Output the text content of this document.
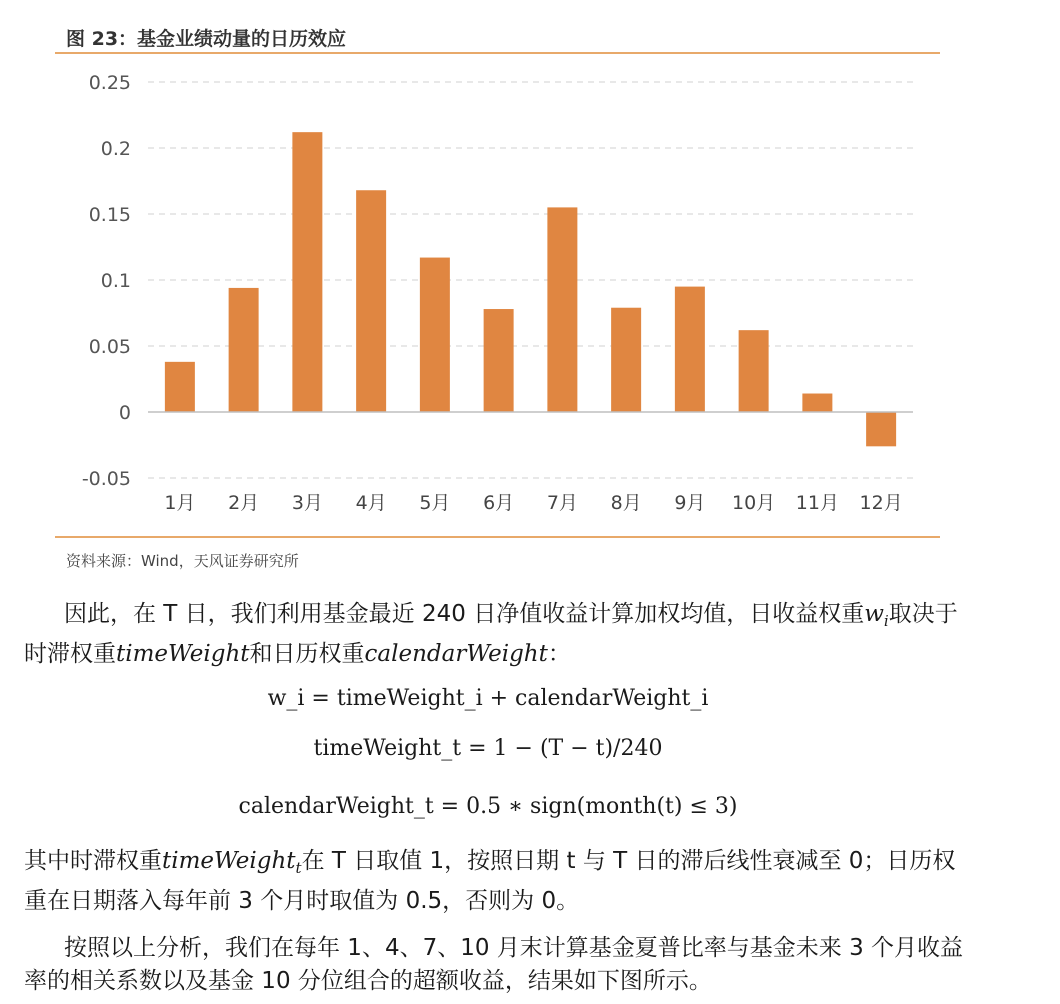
图 23：基金业绩动量的日历效应
0.25
0.2
0.15
0.1
0.05
0
-0.05
1月 2月 3月 4月 5月 6月 7月 8月 9月 10月 11月 12月
资料来源：Wind，天风证券研究所

因此，在 T 日，我们利用基金最近 240 日净值收益计算加权均值，日收益权重$w_i$取决于时滞权重timeWeight和日历权重calendarWeight：

w_i = timeWeight_i + calendarWeight_i
timeWeight_t = 1 − (T − t)/240
calendarWeight_t = 0.5 ∗ sign(month(t) ≤ 3)

其中时滞权重timeWeight$_t$在 T 日取值 1，按照日期 t 与 T 日的滞后线性衰减至 0；日历权重在日期落入每年前 3 个月时取值为 0.5，否则为 0。

按照以上分析，我们在每年 1、4、7、10 月末计算基金夏普比率与基金未来 3 个月收益率的相关系数以及基金 10 分位组合的超额收益，结果如下图所示。
